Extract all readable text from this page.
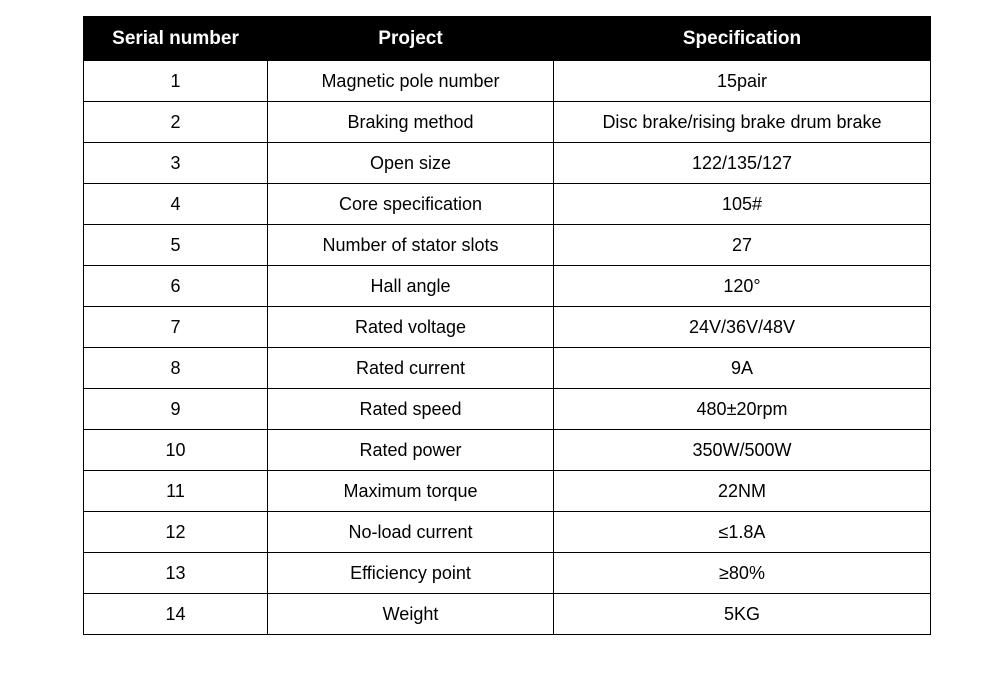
Serial number	Project	Specification
1	Magnetic pole number	15pair
2	Braking method	Disc brake/rising brake drum brake
3	Open size	122/135/127
4	Core specification	105#
5	Number of stator slots	27
6	Hall angle	120°
7	Rated voltage	24V/36V/48V
8	Rated current	9A
9	Rated speed	480±20rpm
10	Rated power	350W/500W
11	Maximum torque	22NM
12	No-load current	≤1.8A
13	Efficiency point	≥80%
14	Weight	5KG
